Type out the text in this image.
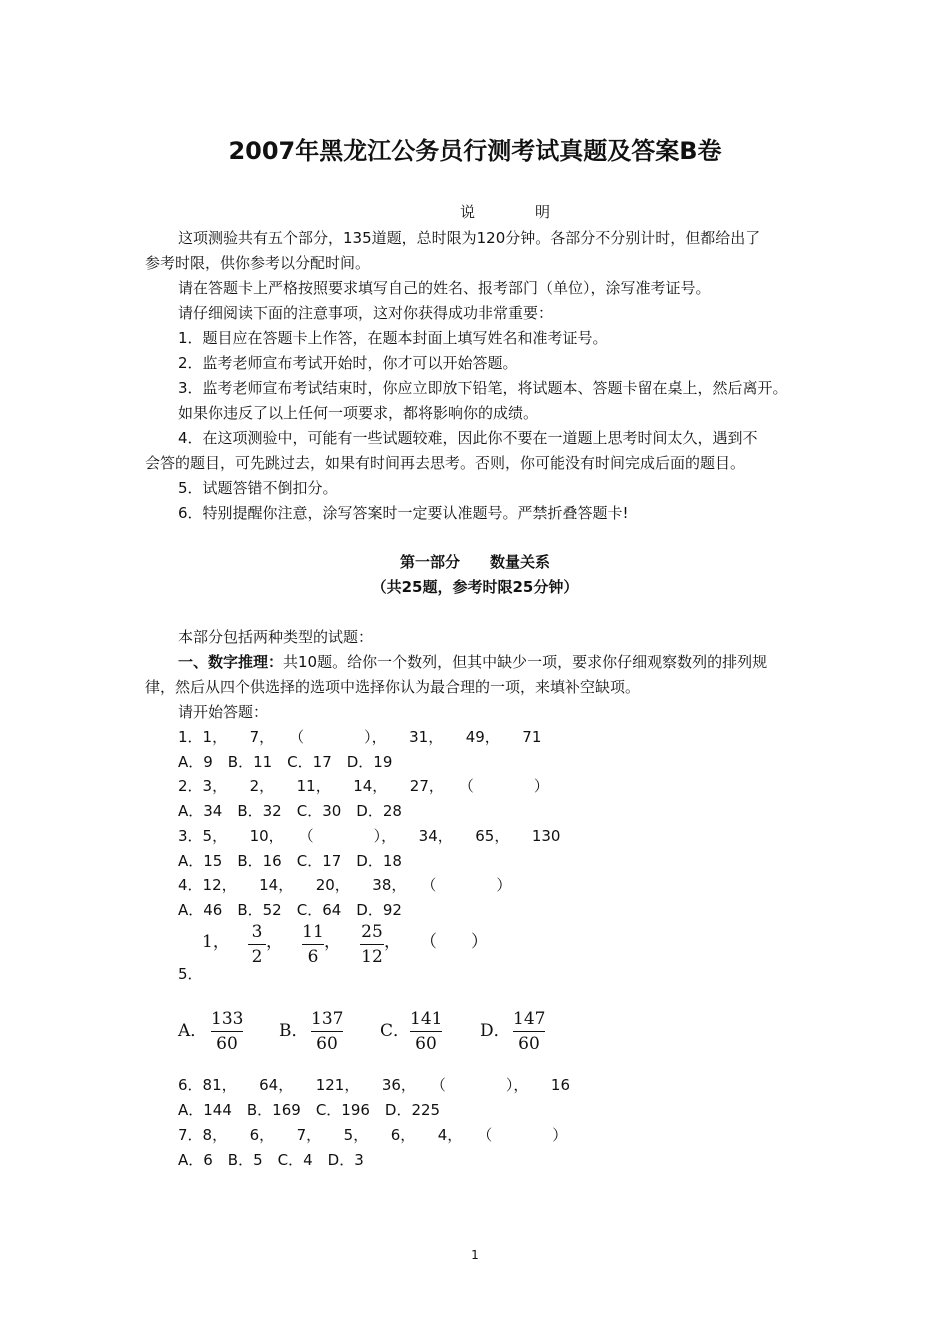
2007年黑龙江公务员行测考试真题及答案B卷
说明
这项测验共有五个部分，135道题，总时限为120分钟。各部分不分别计时，但都给出了
参考时限，供你参考以分配时间。
请在答题卡上严格按照要求填写自己的姓名、报考部门（单位），涂写准考证号。
请仔细阅读下面的注意事项，这对你获得成功非常重要：
1．题目应在答题卡上作答，在题本封面上填写姓名和准考证号。
2．监考老师宣布考试开始时，你才可以开始答题。
3．监考老师宣布考试结束时，你应立即放下铅笔，将试题本、答题卡留在桌上，然后离开。
如果你违反了以上任何一项要求，都将影响你的成绩。
4．在这项测验中，可能有一些试题较难，因此你不要在一道题上思考时间太久，遇到不
会答的题目，可先跳过去，如果有时间再去思考。否则，你可能没有时间完成后面的题目。
5．试题答错不倒扣分。
6．特别提醒你注意，涂写答案时一定要认准题号。严禁折叠答题卡!
第一部分　　数量关系
（共25题，参考时限25分钟）
本部分包括两种类型的试题：
一、数字推理：共10题。给你一个数列，但其中缺少一项，要求你仔细观察数列的排列规
律，然后从四个供选择的选项中选择你认为最合理的一项，来填补空缺项。
请开始答题：
1．1，　　7，　　（　　　　），　　31，　　49，　　71
A．9　B．11　C．17　D．19
2．3，　　2，　　11，　　14，　　27，　　（　　　　）
A．34　B．32　C．30　D．28
3．5，　　10，　　（　　　　），　　34，　　65，　　130
A．15　B．16　C．17　D．18
4．12，　　14，　　20，　　38，　　（　　　　）
A．46　B．52　C．64　D．92
1， 3
2
， 11
6
， 25
12
， （　　）
5．
A．
133
60
B．
137
60
C．
141
60
D．
147
60
6．81，　　64，　　121，　　36，　　（　　　　），　　16
A．144　B．169　C．196　D．225
7．8，　　6，　　7，　　5，　　6，　　4，　　（　　　　）
A．6　B．5　C．4　D．3
1
